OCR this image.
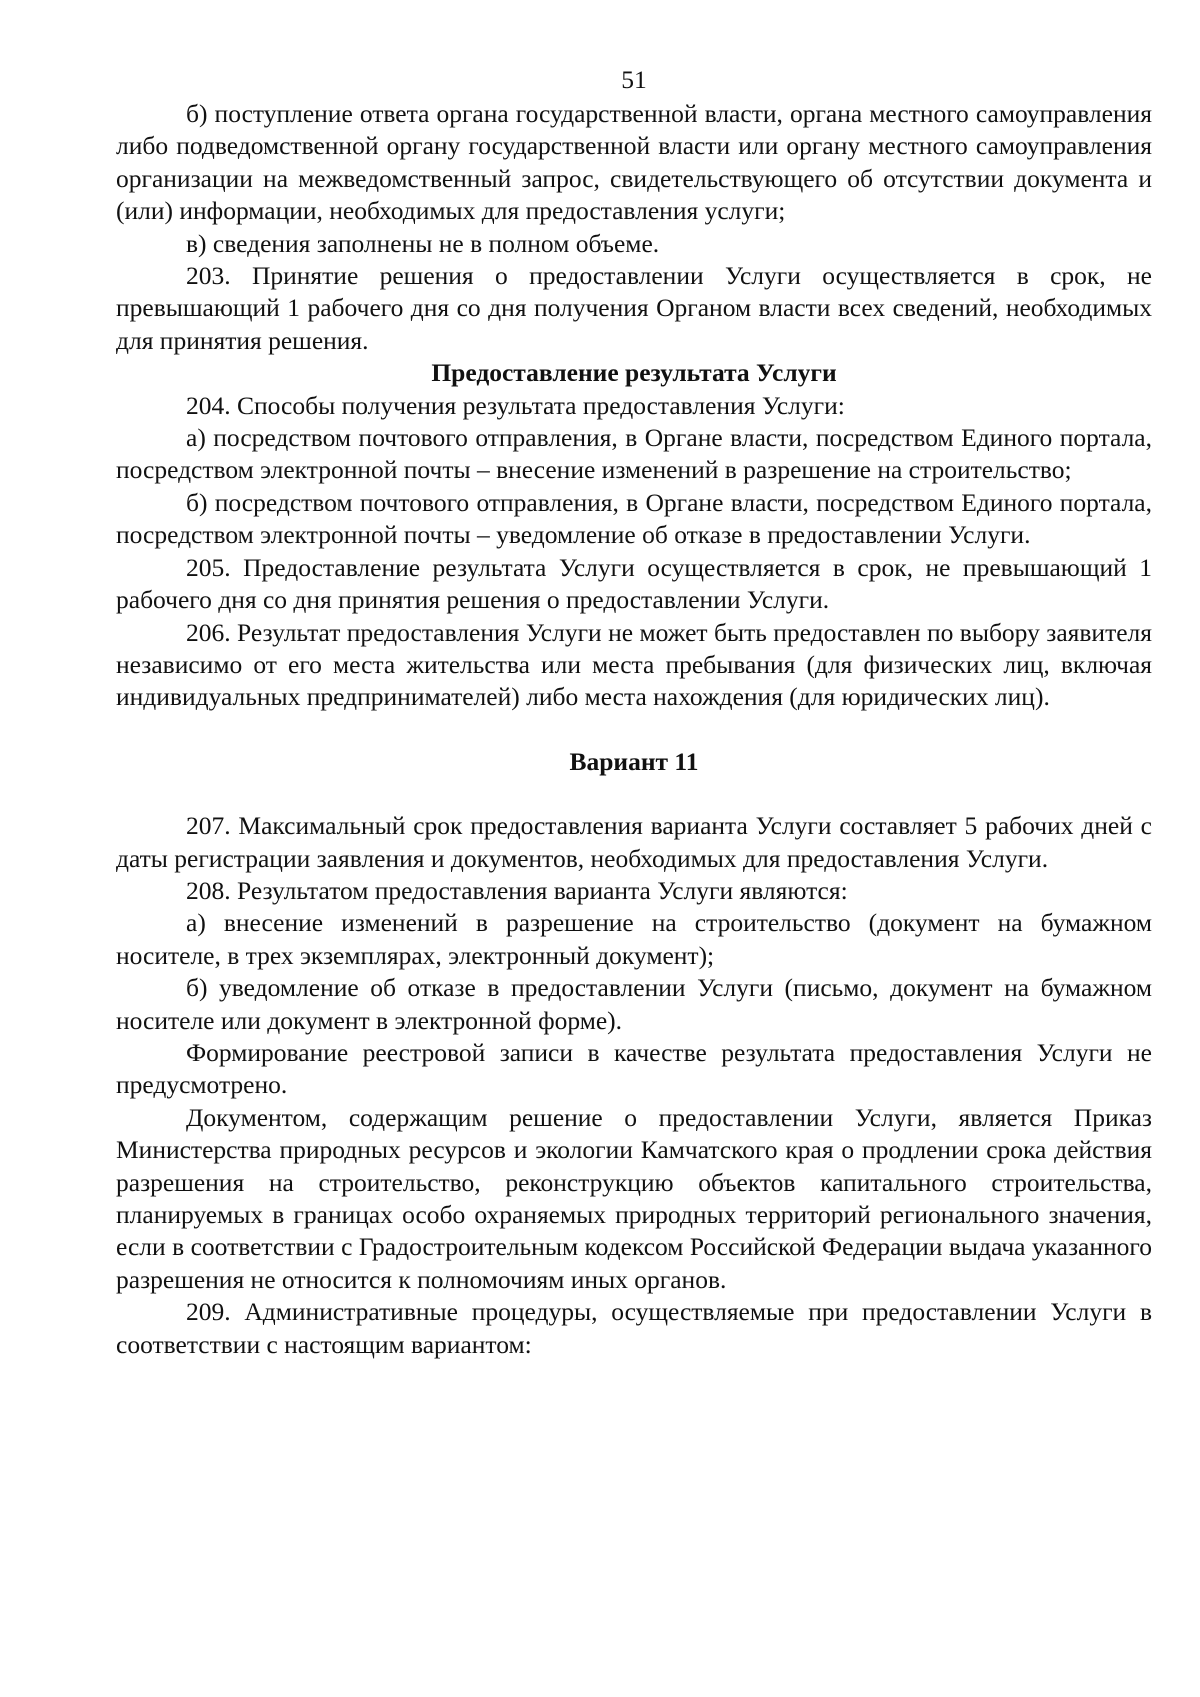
51

б) поступление ответа органа государственной власти, органа местного самоуправления либо подведомственной органу государственной власти или органу местного самоуправления организации на межведомственный запрос, свидетельствующего об отсутствии документа и (или) информации, необходимых для предоставления услуги;

в) сведения заполнены не в полном объеме.

203. Принятие решения о предоставлении Услуги осуществляется в срок, не превышающий 1 рабочего дня со дня получения Органом власти всех сведений, необходимых для принятия решения.

Предоставление результата Услуги

204. Способы получения результата предоставления Услуги:

а) посредством почтового отправления, в Органе власти, посредством Единого портала, посредством электронной почты – внесение изменений в разрешение на строительство;

б) посредством почтового отправления, в Органе власти, посредством Единого портала, посредством электронной почты – уведомление об отказе в предоставлении Услуги.

205. Предоставление результата Услуги осуществляется в срок, не превышающий 1 рабочего дня со дня принятия решения о предоставлении Услуги.

206. Результат предоставления Услуги не может быть предоставлен по выбору заявителя независимо от его места жительства или места пребывания (для физических лиц, включая индивидуальных предпринимателей) либо места нахождения (для юридических лиц).

Вариант 11

207. Максимальный срок предоставления варианта Услуги составляет 5 рабочих дней с даты регистрации заявления и документов, необходимых для предоставления Услуги.

208. Результатом предоставления варианта Услуги являются:

а) внесение изменений в разрешение на строительство (документ на бумажном носителе, в трех экземплярах, электронный документ);

б) уведомление об отказе в предоставлении Услуги (письмо, документ на бумажном носителе или документ в электронной форме).

Формирование реестровой записи в качестве результата предоставления Услуги не предусмотрено.

Документом, содержащим решение о предоставлении Услуги, является Приказ Министерства природных ресурсов и экологии Камчатского края о продлении срока действия разрешения на строительство, реконструкцию объектов капитального строительства, планируемых в границах особо охраняемых природных территорий регионального значения, если в соответствии с Градостроительным кодексом Российской Федерации выдача указанного разрешения не относится к полномочиям иных органов.

209. Административные процедуры, осуществляемые при предоставлении Услуги в соответствии с настоящим вариантом:
